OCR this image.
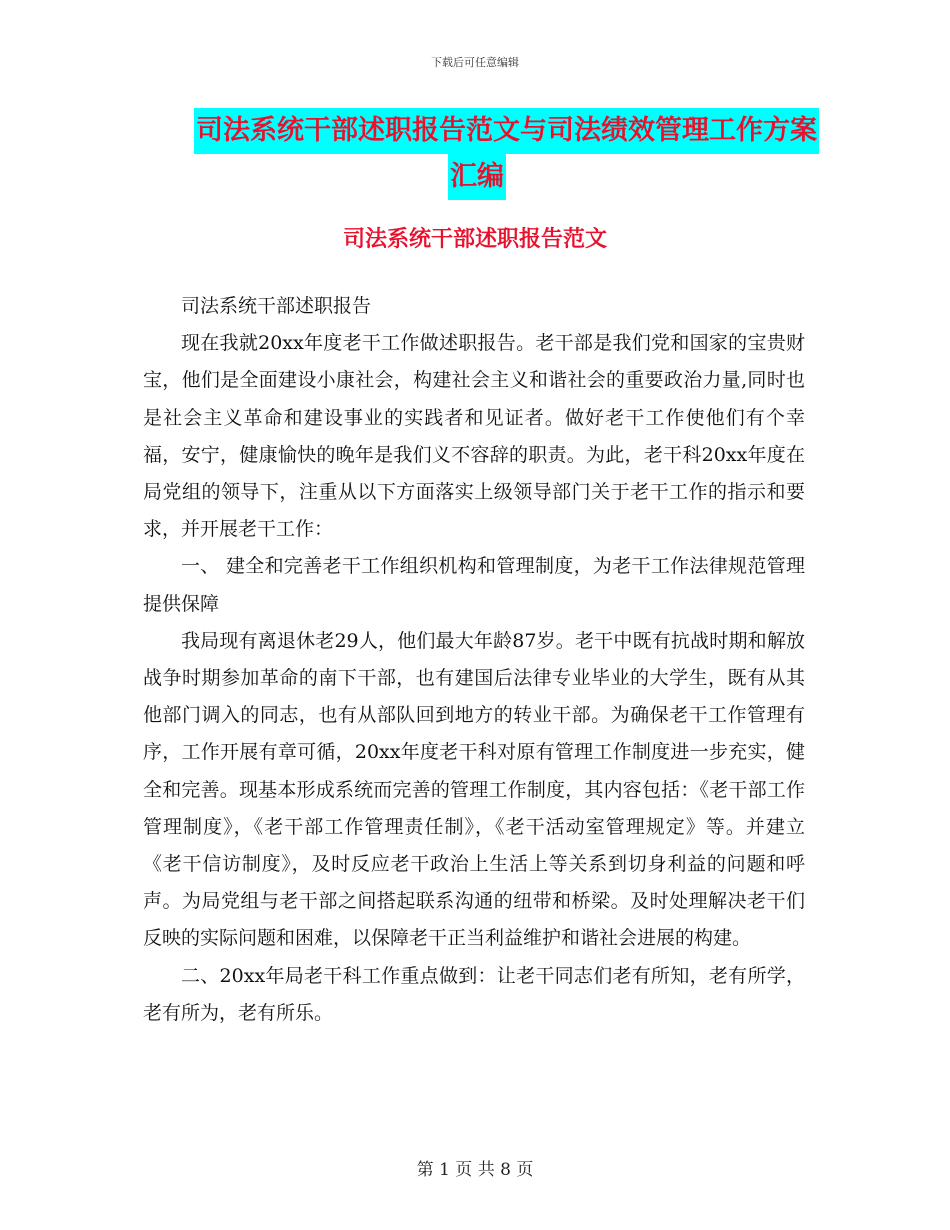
下载后可任意编辑
司法系统干部述职报告范文与司法绩效管理工作方案
汇编
司法系统干部述职报告范文

司法系统干部述职报告

现在我就20xx年度老干工作做述职报告。老干部是我们党和国家的宝贵财宝，他们是全面建设小康社会，构建社会主义和谐社会的重要政治力量,同时也是社会主义革命和建设事业的实践者和见证者。做好老干工作使他们有个幸福，安宁，健康愉快的晚年是我们义不容辞的职责。为此，老干科20xx年度在局党组的领导下，注重从以下方面落实上级领导部门关于老干工作的指示和要求，并开展老干工作：

一、 建全和完善老干工作组织机构和管理制度，为老干工作法律规范管理提供保障

我局现有离退休老29人，他们最大年龄87岁。老干中既有抗战时期和解放战争时期参加革命的南下干部，也有建国后法律专业毕业的大学生，既有从其他部门调入的同志，也有从部队回到地方的转业干部。为确保老干工作管理有序，工作开展有章可循，20xx年度老干科对原有管理工作制度进一步充实，健全和完善。现基本形成系统而完善的管理工作制度，其内容包括：《老干部工作管理制度》，《老干部工作管理责任制》，《老干活动室管理规定》等。并建立《老干信访制度》，及时反应老干政治上生活上等关系到切身利益的问题和呼声。为局党组与老干部之间搭起联系沟通的纽带和桥梁。及时处理解决老干们反映的实际问题和困难，以保障老干正当利益维护和谐社会进展的构建。

二、20xx年局老干科工作重点做到：让老干同志们老有所知，老有所学，老有所为，老有所乐。

第 1 页 共 8 页
